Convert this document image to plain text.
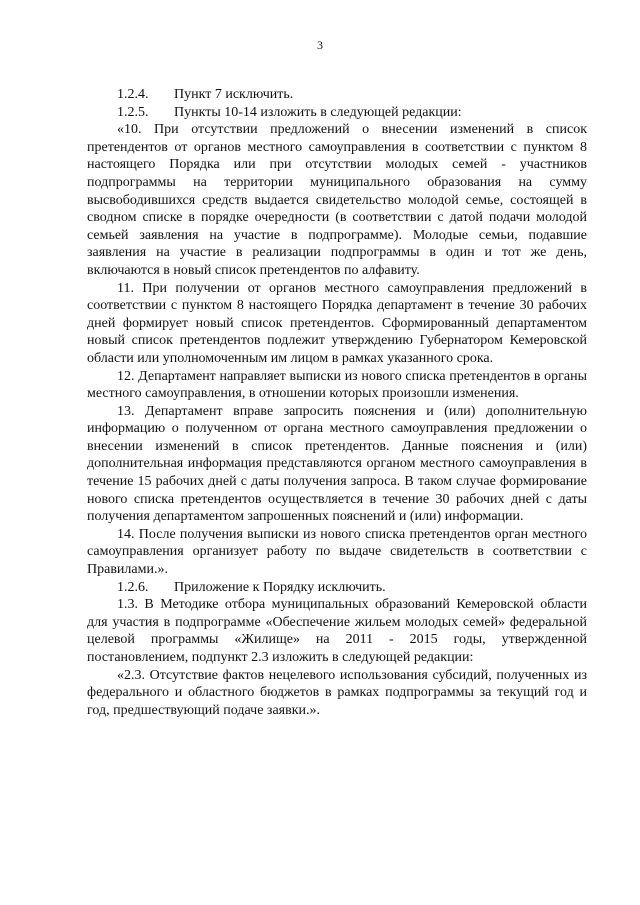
3
1.2.4.	Пункт 7 исключить.
1.2.5.	Пункты 10-14 изложить в следующей редакции:

«10. При отсутствии предложений о внесении изменений в список претендентов от органов местного самоуправления в соответствии с пунктом 8 настоящего Порядка или при отсутствии молодых семей - участников подпрограммы на территории муниципального образования на сумму высвободившихся средств выдается свидетельство молодой семье, состоящей в сводном списке в порядке очередности (в соответствии с датой подачи молодой семьей заявления на участие в подпрограмме). Молодые семьи, подавшие заявления на участие в реализации подпрограммы в один и тот же день, включаются в новый список претендентов по алфавиту.

11. При получении от органов местного самоуправления предложений в соответствии с пунктом 8 настоящего Порядка департамент в течение 30 рабочих дней формирует новый список претендентов. Сформированный департаментом новый список претендентов подлежит утверждению Губернатором Кемеровской области или уполномоченным им лицом в рамках указанного срока.

12. Департамент направляет выписки из нового списка претендентов в органы местного самоуправления, в отношении которых произошли изменения.

13. Департамент вправе запросить пояснения и (или) дополнительную информацию о полученном от органа местного самоуправления предложении о внесении изменений в список претендентов. Данные пояснения и (или) дополнительная информация представляются органом местного самоуправления в течение 15 рабочих дней с даты получения запроса. В таком случае формирование нового списка претендентов осуществляется в течение 30 рабочих дней с даты получения департаментом запрошенных пояснений и (или) информации.

14. После получения выписки из нового списка претендентов орган местного самоуправления организует работу по выдаче свидетельств в соответствии с Правилами.».

1.2.6.	Приложение к Порядку исключить.

1.3. В Методике отбора муниципальных образований Кемеровской области для участия в подпрограмме «Обеспечение жильем молодых семей» федеральной целевой программы «Жилище» на 2011 - 2015 годы, утвержденной постановлением, подпункт 2.3 изложить в следующей редакции:

«2.3. Отсутствие фактов нецелевого использования субсидий, полученных из федерального и областного бюджетов в рамках подпрограммы за текущий год и год, предшествующий подаче заявки.».
